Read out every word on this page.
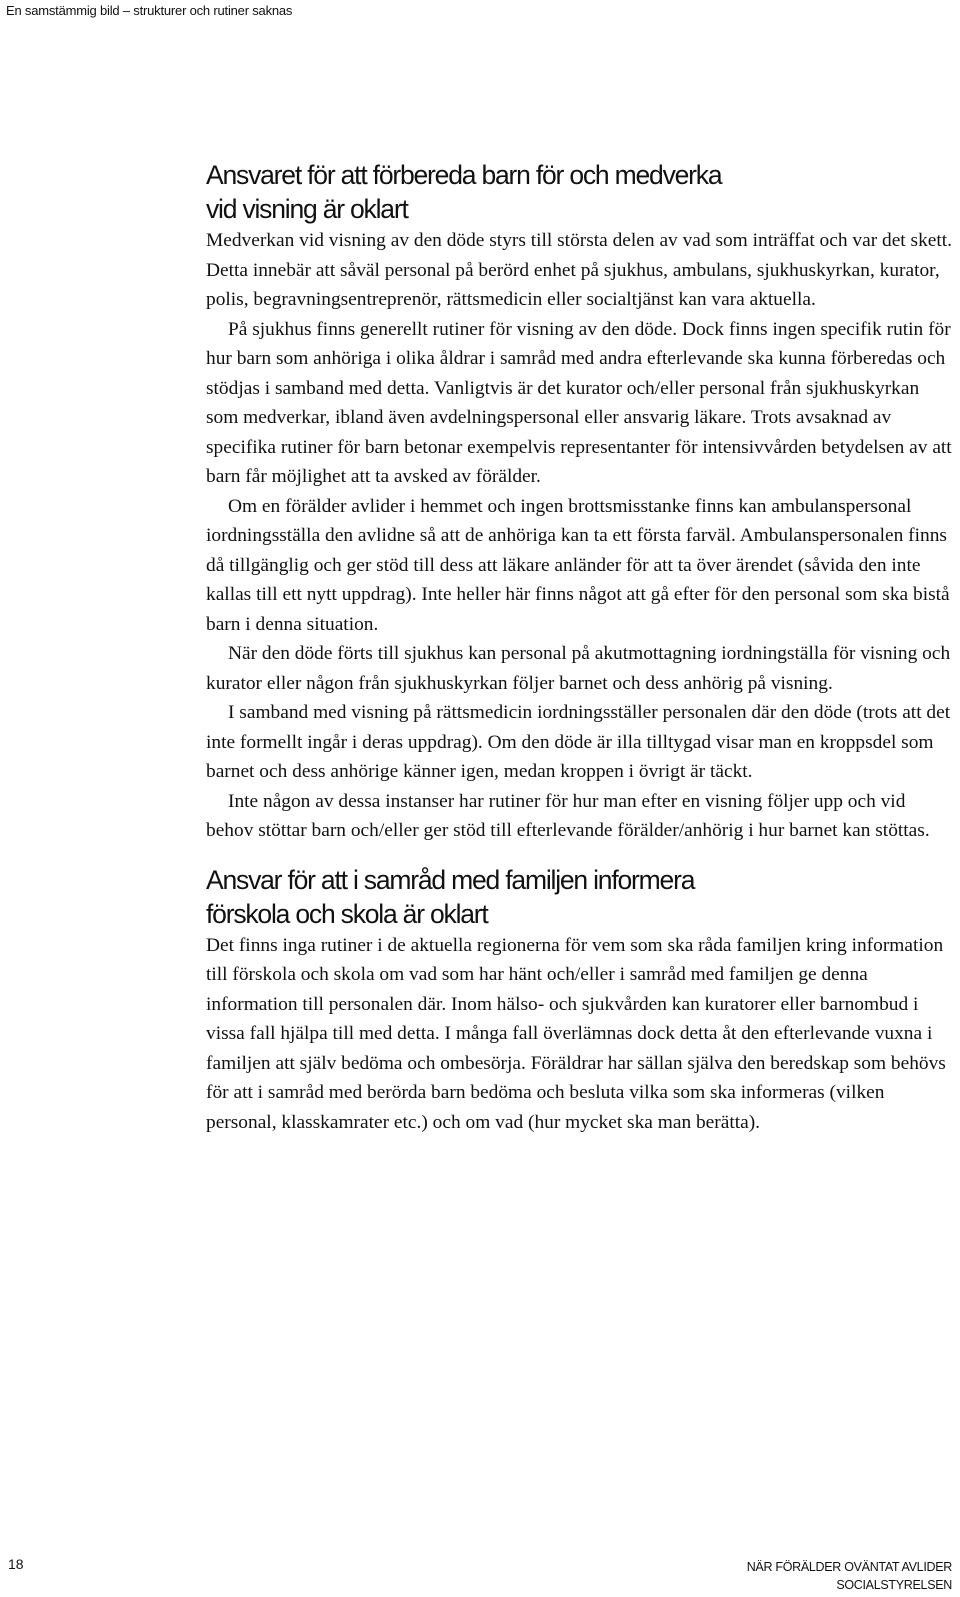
En samstämmig bild – strukturer och rutiner saknas
Ansvaret för att förbereda barn för och medverka
vid visning är oklart

Medverkan vid visning av den döde styrs till största delen av vad som inträffat och var det skett. Detta innebär att såväl personal på berörd enhet på sjukhus, ambulans, sjukhuskyrkan, kurator, polis, begravningsentreprenör, rättsmedicin eller socialtjänst kan vara aktuella.

På sjukhus finns generellt rutiner för visning av den döde. Dock finns ingen specifik rutin för hur barn som anhöriga i olika åldrar i samråd med andra efterlevande ska kunna förberedas och stödjas i samband med detta. Vanligtvis är det kurator och/eller personal från sjukhuskyrkan som medverkar, ibland även avdelningspersonal eller ansvarig läkare. Trots avsaknad av specifika rutiner för barn betonar exempelvis representanter för intensivvården betydelsen av att barn får möjlighet att ta avsked av förälder.

Om en förälder avlider i hemmet och ingen brottsmisstanke finns kan ambulanspersonal iordningsställa den avlidne så att de anhöriga kan ta ett första farväl. Ambulanspersonalen finns då tillgänglig och ger stöd till dess att läkare anländer för att ta över ärendet (såvida den inte kallas till ett nytt uppdrag). Inte heller här finns något att gå efter för den personal som ska bistå barn i denna situation.

När den döde förts till sjukhus kan personal på akutmottagning iordningställa för visning och kurator eller någon från sjukhuskyrkan följer barnet och dess anhörig på visning.

I samband med visning på rättsmedicin iordningsställer personalen där den döde (trots att det inte formellt ingår i deras uppdrag). Om den döde är illa tilltygad visar man en kroppsdel som barnet och dess anhörige känner igen, medan kroppen i övrigt är täckt.

Inte någon av dessa instanser har rutiner för hur man efter en visning följer upp och vid behov stöttar barn och/eller ger stöd till efterlevande förälder/anhörig i hur barnet kan stöttas.

Ansvar för att i samråd med familjen informera
förskola och skola är oklart

Det finns inga rutiner i de aktuella regionerna för vem som ska råda familjen kring information till förskola och skola om vad som har hänt och/eller i samråd med familjen ge denna information till personalen där. Inom hälso- och sjukvården kan kuratorer eller barnombud i vissa fall hjälpa till med detta. I många fall överlämnas dock detta åt den efterlevande vuxna i familjen att själv bedöma och ombesörja. Föräldrar har sällan själva den beredskap som behövs för att i samråd med berörda barn bedöma och besluta vilka som ska informeras (vilken personal, klasskamrater etc.) och om vad (hur mycket ska man berätta).

18	NÄR FÖRÄLDER OVÄNTAT AVLIDER
SOCIALSTYRELSEN
